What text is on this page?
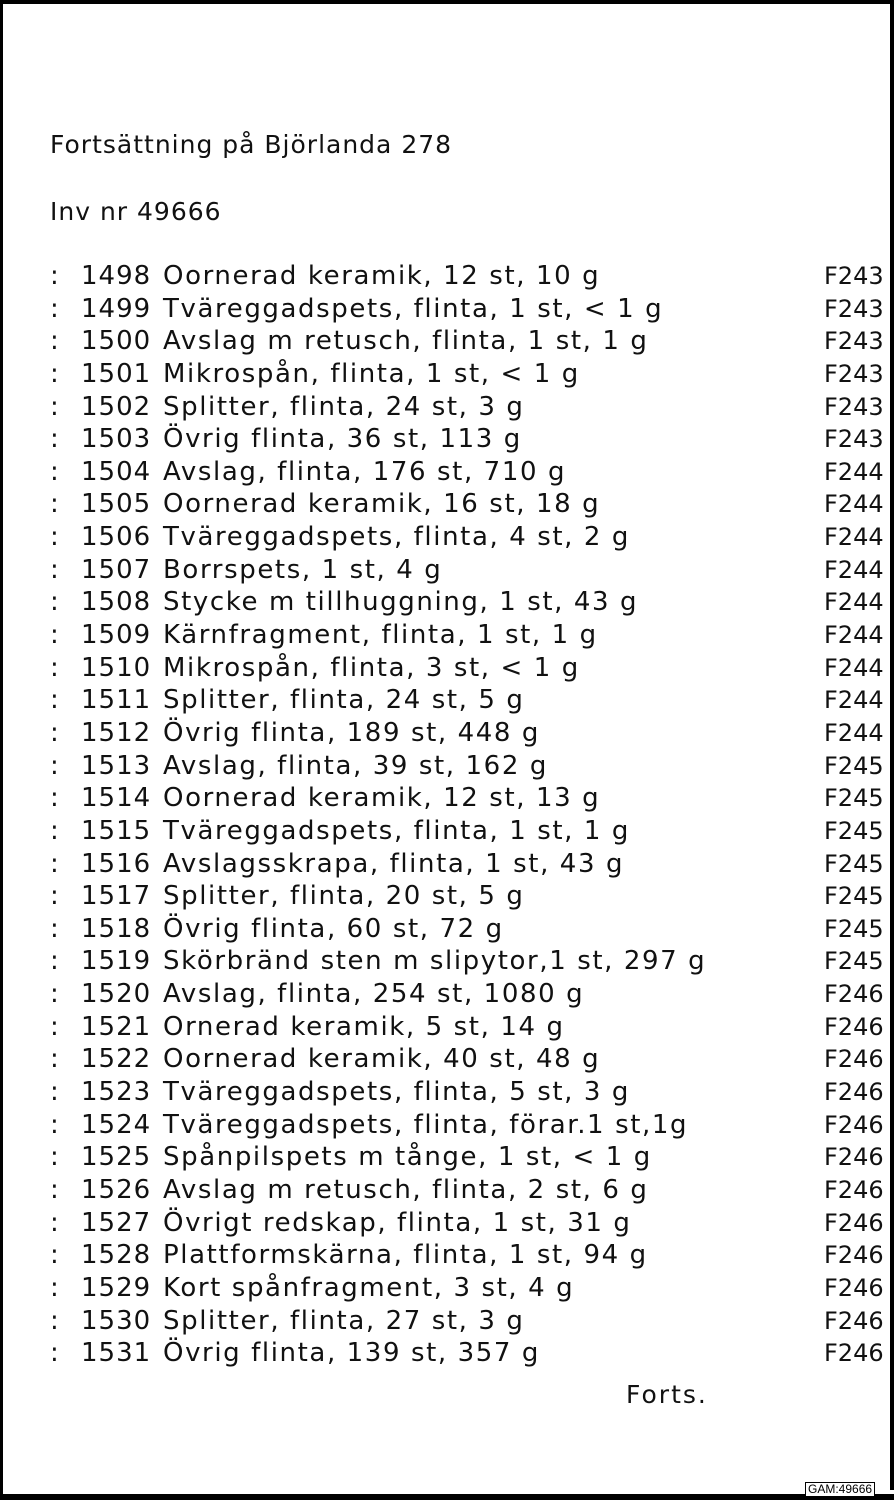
Fortsättning på Björlanda 278
Inv nr 49666
: 1498 Oornerad keramik, 12 st, 10 g	F243
: 1499 Tväreggadspets, flinta, 1 st, < 1 g	F243
: 1500 Avslag m retusch, flinta, 1 st, 1 g	F243
: 1501 Mikrospån, flinta, 1 st, < 1 g	F243
: 1502 Splitter, flinta, 24 st, 3 g	F243
: 1503 Övrig flinta, 36 st, 113 g	F243
: 1504 Avslag, flinta, 176 st, 710 g	F244
: 1505 Oornerad keramik, 16 st, 18 g	F244
: 1506 Tväreggadspets, flinta, 4 st, 2 g	F244
: 1507 Borrspets, 1 st, 4 g	F244
: 1508 Stycke m tillhuggning, 1 st, 43 g	F244
: 1509 Kärnfragment, flinta, 1 st, 1 g	F244
: 1510 Mikrospån, flinta, 3 st, < 1 g	F244
: 1511 Splitter, flinta, 24 st, 5 g	F244
: 1512 Övrig flinta, 189 st, 448 g	F244
: 1513 Avslag, flinta, 39 st, 162 g	F245
: 1514 Oornerad keramik, 12 st, 13 g	F245
: 1515 Tväreggadspets, flinta, 1 st, 1 g	F245
: 1516 Avslagsskrapa, flinta, 1 st, 43 g	F245
: 1517 Splitter, flinta, 20 st, 5 g	F245
: 1518 Övrig flinta, 60 st, 72 g	F245
: 1519 Skörbränd sten m slipytor,1 st, 297 g	F245
: 1520 Avslag, flinta, 254 st, 1080 g	F246
: 1521 Ornerad keramik, 5 st, 14 g	F246
: 1522 Oornerad keramik, 40 st, 48 g	F246
: 1523 Tväreggadspets, flinta, 5 st, 3 g	F246
: 1524 Tväreggadspets, flinta, förar.1 st,1g	F246
: 1525 Spånpilspets m tånge, 1 st, < 1 g	F246
: 1526 Avslag m retusch, flinta, 2 st, 6 g	F246
: 1527 Övrigt redskap, flinta, 1 st, 31 g	F246
: 1528 Plattformskärna, flinta, 1 st, 94 g	F246
: 1529 Kort spånfragment, 3 st, 4 g	F246
: 1530 Splitter, flinta, 27 st, 3 g	F246
: 1531 Övrig flinta, 139 st, 357 g	F246
Forts.
GAM:49666
